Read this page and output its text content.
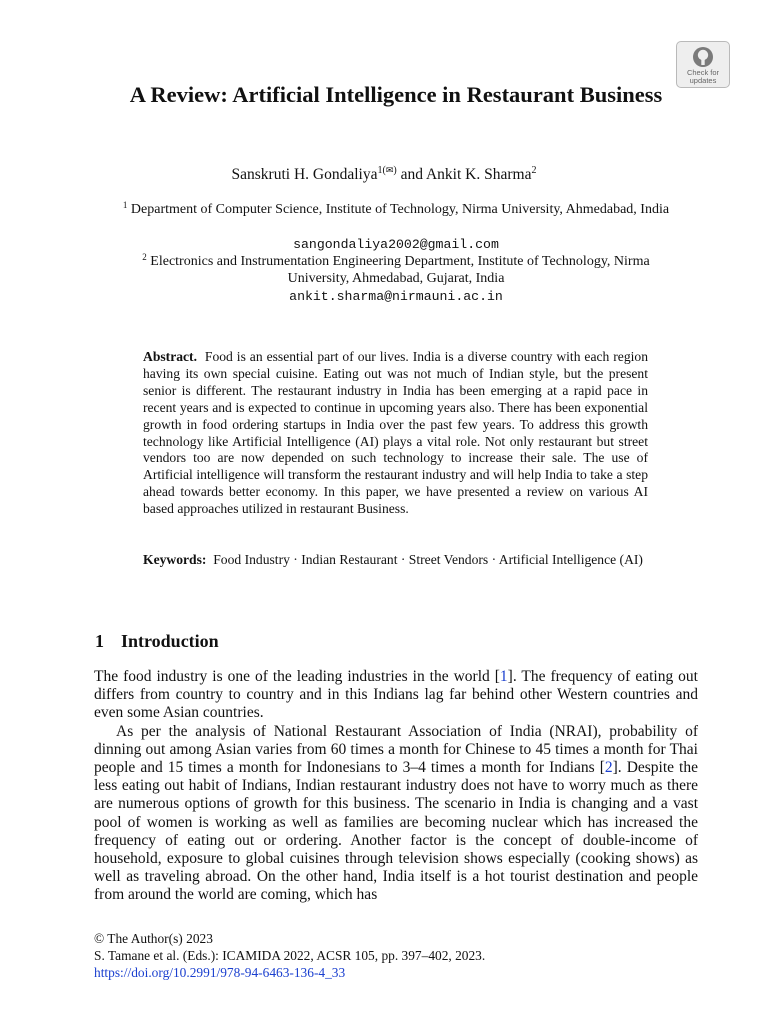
Check for
updates
A Review: Artificial Intelligence in Restaurant Business
Sanskruti H. Gondaliya$^{1(✉)}$ and Ankit K. Sharma$^2$
$^1$ Department of Computer Science, Institute of Technology, Nirma University, Ahmedabad, India
sangondaliya2002@gmail.com
$^2$ Electronics and Instrumentation Engineering Department, Institute of Technology, Nirma University, Ahmedabad, Gujarat, India
ankit.sharma@nirmauni.ac.in
Abstract. Food is an essential part of our lives. India is a diverse country with each region having its own special cuisine. Eating out was not much of Indian style, but the present senior is different. The restaurant industry in India has been emerging at a rapid pace in recent years and is expected to continue in upcoming years also. There has been exponential growth in food ordering startups in India over the past few years. To address this growth technology like Artificial Intelligence (AI) plays a vital role. Not only restaurant but street vendors too are now depended on such technology to increase their sale. The use of Artificial intelligence will transform the restaurant industry and will help India to take a step ahead towards better economy. In this paper, we have presented a review on various AI based approaches utilized in restaurant Business.
Keywords: Food Industry · Indian Restaurant · Street Vendors · Artificial Intelligence (AI)
1 Introduction

The food industry is one of the leading industries in the world [1]. The frequency of eating out differs from country to country and in this Indians lag far behind other Western countries and even some Asian countries.

As per the analysis of National Restaurant Association of India (NRAI), probability of dinning out among Asian varies from 60 times a month for Chinese to 45 times a month for Thai people and 15 times a month for Indonesians to 3–4 times a month for Indians [2]. Despite the less eating out habit of Indians, Indian restaurant industry does not have to worry much as there are numerous options of growth for this business. The scenario in India is changing and a vast pool of women is working as well as families are becoming nuclear which has increased the frequency of eating out or ordering. Another factor is the concept of double-income of household, exposure to global cuisines through television shows especially (cooking shows) as well as traveling abroad. On the other hand, India itself is a hot tourist destination and people from around the world are coming, which has

© The Author(s) 2023
S. Tamane et al. (Eds.): ICAMIDA 2022, ACSR 105, pp. 397–402, 2023.
https://doi.org/10.2991/978-94-6463-136-4_33
